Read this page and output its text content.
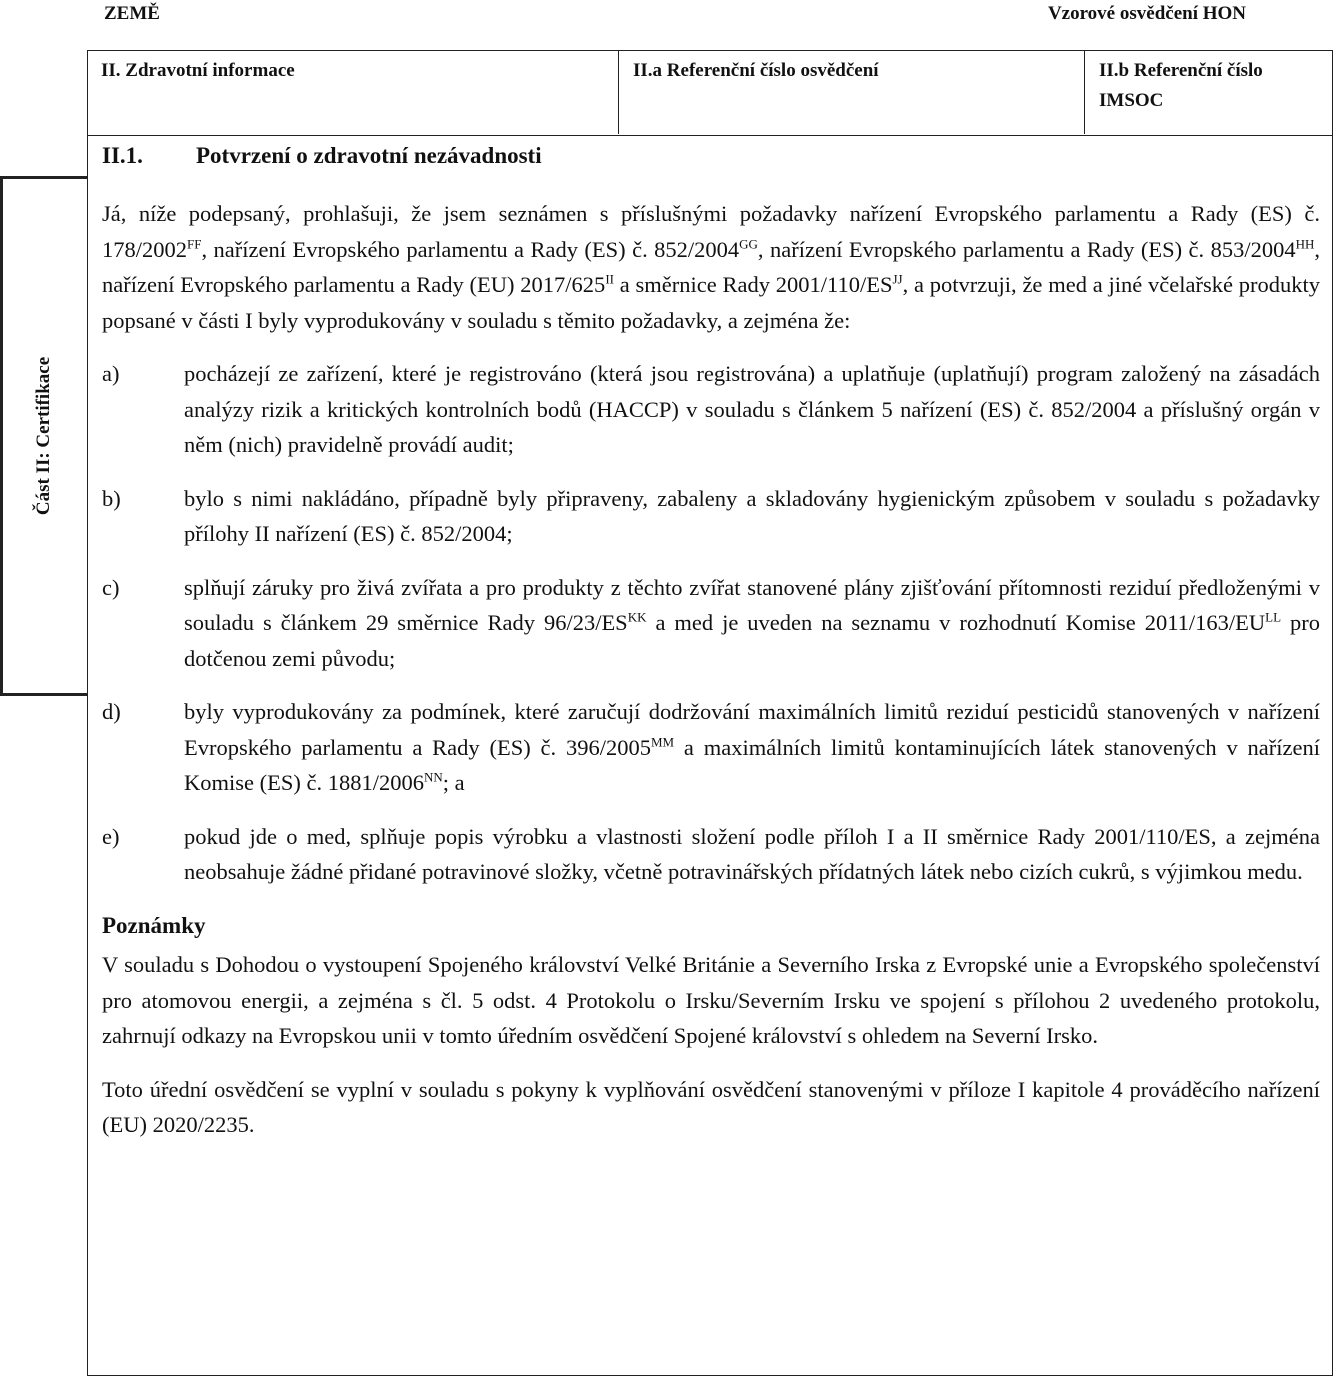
ZEMĚ	Vzorové osvědčení HON
II. Zdravotní informace	II.a Referenční číslo osvědčení	II.b Referenční číslo
IMSOC
Část II: Certifikace
II.1. Potvrzení o zdravotní nezávadnosti

Já, níže podepsaný, prohlašuji, že jsem seznámen s příslušnými požadavky nařízení Evropského parlamentu a Rady (ES) č. $178/2002^{FF}$, nařízení Evropského parlamentu a Rady (ES) č. $852/2004^{GG}$, nařízení Evropského parlamentu a Rady (ES) č. $853/2004^{HH}$, nařízení Evropského parlamentu a Rady (EU) $2017/625^{II}$ a směrnice Rady $2001/110/ES^{JJ}$, a potvrzuji, že med a jiné včelařské produkty popsané v části I byly vyprodukovány v souladu s těmito požadavky, a zejména že:

a)	pocházejí ze zařízení, které je registrováno (která jsou registrována) a uplatňuje (uplatňují) program založený na zásadách analýzy rizik a kritických kontrolních bodů (HACCP) v souladu s článkem 5 nařízení (ES) č. 852/2004 a příslušný orgán v něm (nich) pravidelně provádí audit;
b)	bylo s nimi nakládáno, případně byly připraveny, zabaleny a skladovány hygienickým způsobem v souladu s požadavky přílohy II nařízení (ES) č. 852/2004;
c)	splňují záruky pro živá zvířata a pro produkty z těchto zvířat stanovené plány zjišťování přítomnosti reziduí předloženými v souladu s článkem 29 směrnice Rady $96/23/ES^{KK}$ a med je uveden na seznamu v rozhodnutí Komise $2011/163/EU^{LL}$ pro dotčenou zemi původu;
d)	byly vyprodukovány za podmínek, které zaručují dodržování maximálních limitů reziduí pesticidů stanovených v nařízení Evropského parlamentu a Rady (ES) č. $396/2005^{MM}$ a maximálních limitů kontaminujících látek stanovených v nařízení Komise (ES) č. $1881/2006^{NN}$; a
e)	pokud jde o med, splňuje popis výrobku a vlastnosti složení podle příloh I a II směrnice Rady 2001/110/ES, a zejména neobsahuje žádné přidané potravinové složky, včetně potravinářských přídatných látek nebo cizích cukrů, s výjimkou medu.
Poznámky

V souladu s Dohodou o vystoupení Spojeného království Velké Británie a Severního Irska z Evropské unie a Evropského společenství pro atomovou energii, a zejména s čl. 5 odst. 4 Protokolu o Irsku/Severním Irsku ve spojení s přílohou 2 uvedeného protokolu, zahrnují odkazy na Evropskou unii v tomto úředním osvědčení Spojené království s ohledem na Severní Irsko.

Toto úřední osvědčení se vyplní v souladu s pokyny k vyplňování osvědčení stanovenými v příloze I kapitole 4 prováděcího nařízení (EU) 2020/2235.
